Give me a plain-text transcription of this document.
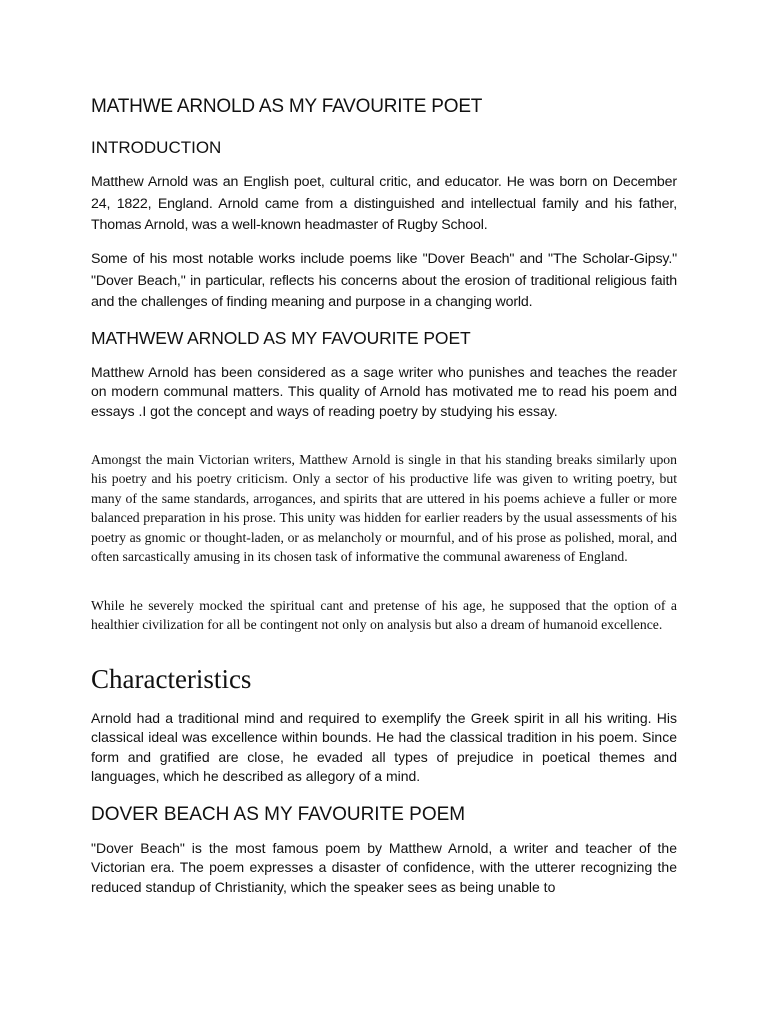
MATHWE ARNOLD AS MY FAVOURITE POET
INTRODUCTION

Matthew Arnold was an English poet, cultural critic, and educator. He was born on December 24, 1822, England. Arnold came from a distinguished and intellectual family and his father, Thomas Arnold, was a well-known headmaster of Rugby School.

Some of his most notable works include poems like "Dover Beach" and "The Scholar-Gipsy." "Dover Beach," in particular, reflects his concerns about the erosion of traditional religious faith and the challenges of finding meaning and purpose in a changing world.

MATHWEW ARNOLD AS MY FAVOURITE POET

Matthew Arnold has been considered as a sage writer who punishes and teaches the reader on modern communal matters. This quality of Arnold has motivated me to read his poem and essays .I got the concept and ways of reading poetry by studying his essay.

Amongst the main Victorian writers, Matthew Arnold is single in that his standing breaks similarly upon his poetry and his poetry criticism. Only a sector of his productive life was given to writing poetry, but many of the same standards, arrogances, and spirits that are uttered in his poems achieve a fuller or more balanced preparation in his prose. This unity was hidden for earlier readers by the usual assessments of his poetry as gnomic or thought-laden, or as melancholy or mournful, and of his prose as polished, moral, and often sarcastically amusing in its chosen task of informative the communal awareness of England.

While he severely mocked the spiritual cant and pretense of his age, he supposed that the option of a healthier civilization for all be contingent not only on analysis but also a dream of humanoid excellence.

Characteristics

Arnold had a traditional mind and required to exemplify the Greek spirit in all his writing. His classical ideal was excellence within bounds. He had the classical tradition in his poem. Since form and gratified are close, he evaded all types of prejudice in poetical themes and languages, which he described as allegory of a mind.

DOVER BEACH AS MY FAVOURITE POEM

"Dover Beach" is the most famous poem by Matthew Arnold, a writer and teacher of the Victorian era. The poem expresses a disaster of confidence, with the utterer recognizing the reduced standup of Christianity, which the speaker sees as being unable to
